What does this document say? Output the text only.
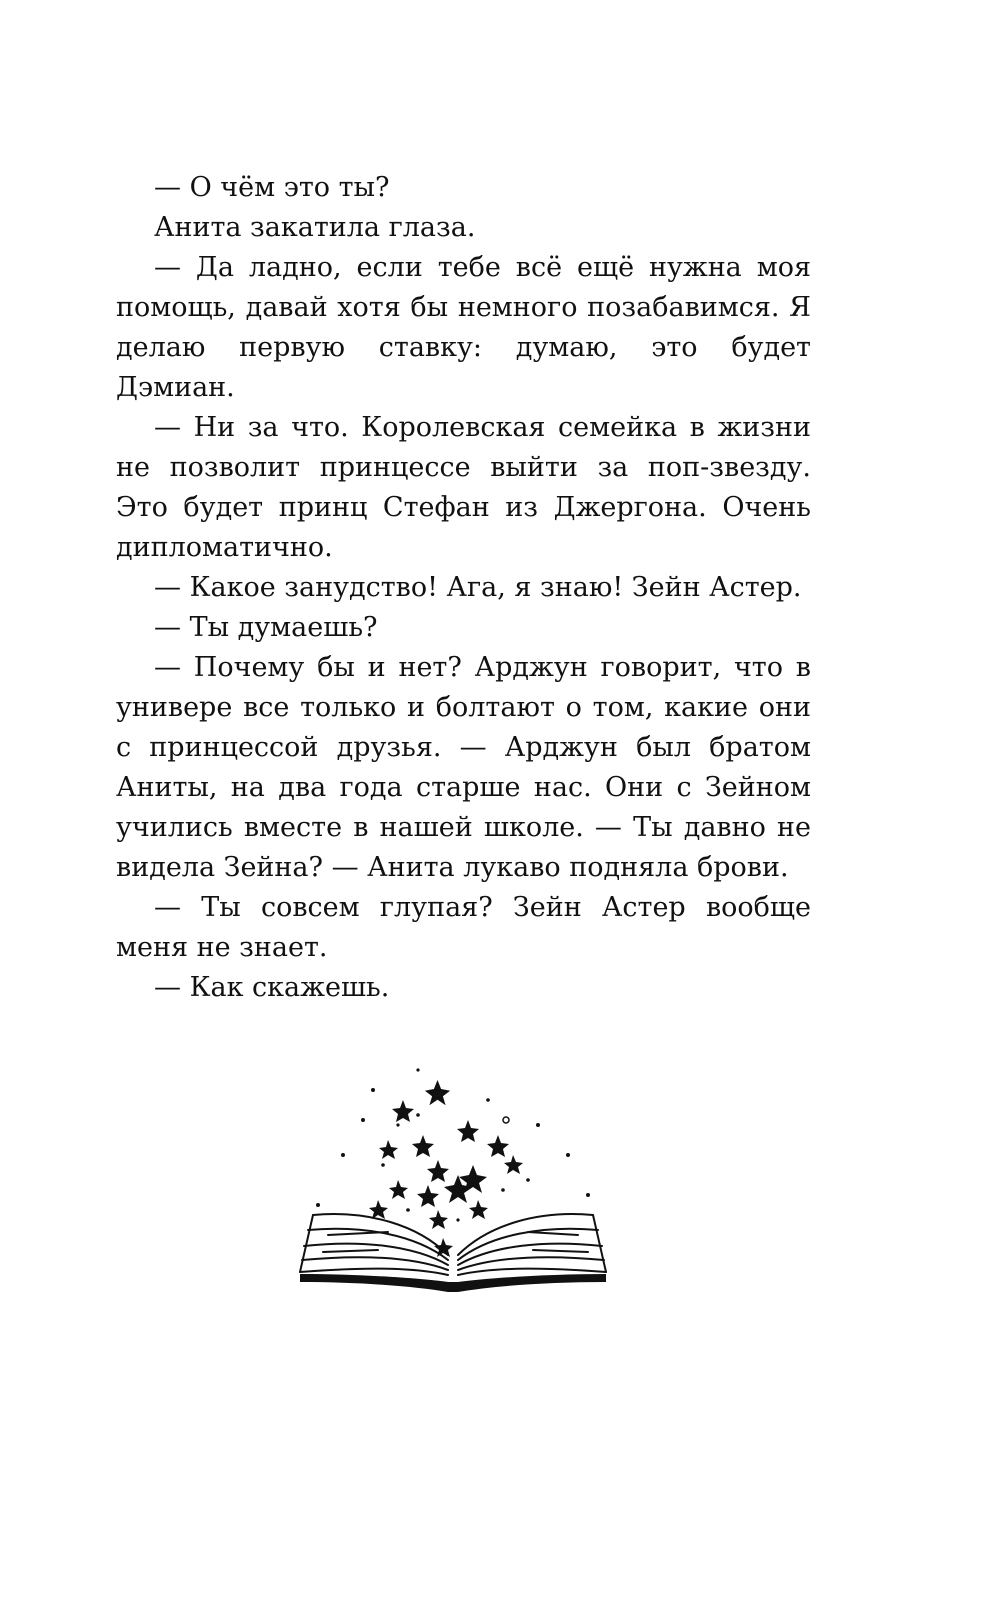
— О чём это ты?

Анита закатила глаза.

— Да ладно, если тебе всё ещё нужна моя помощь, давай хотя бы немного позабавимся. Я делаю первую ставку: думаю, это будет Дэмиан.

— Ни за что. Королевская семейка в жизни не позволит принцессе выйти за поп-звезду. Это будет принц Стефан из Джергона. Очень дипломатично.

— Какое занудство! Ага, я знаю! Зейн Астер.

— Ты думаешь?

— Почему бы и нет? Арджун говорит, что в универе все только и болтают о том, какие они с принцессой друзья. — Арджун был братом Аниты, на два года старше нас. Они с Зейном учились вместе в нашей школе. — Ты давно не видела Зейна? — Анита лукаво подняла брови.

— Ты совсем глупая? Зейн Астер вообще меня не знает.

— Как скажешь.
